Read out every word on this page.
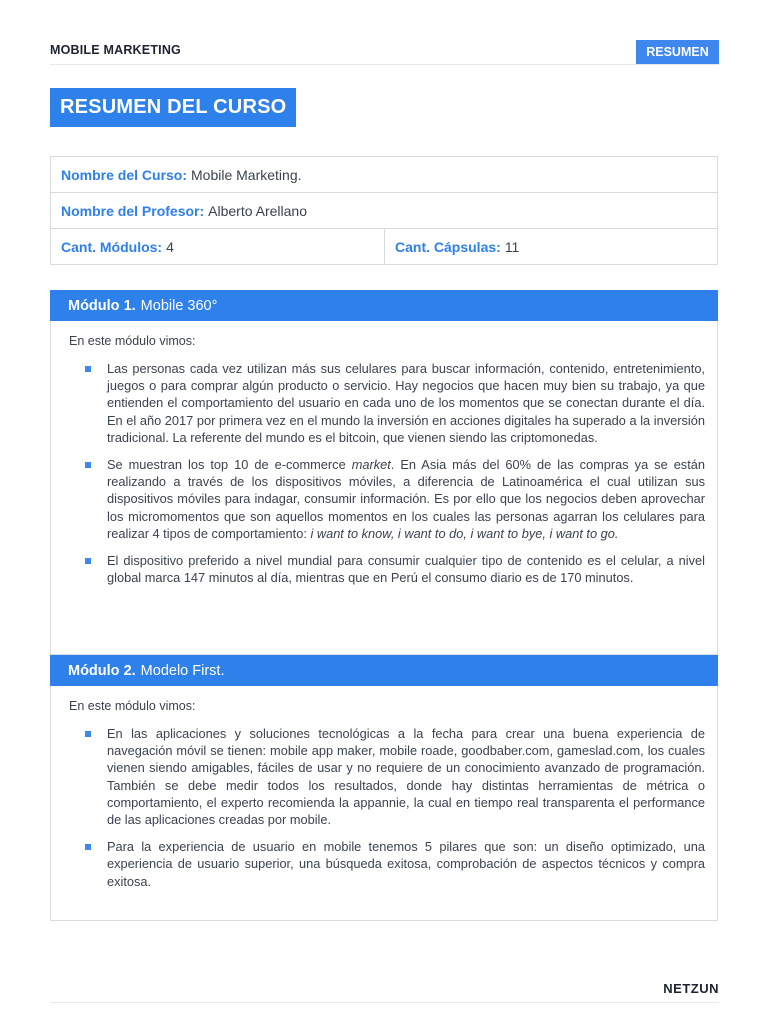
MOBILE MARKETING	RESUMEN
RESUMEN DEL CURSO
Nombre del Curso: Mobile Marketing.
Nombre del Profesor: Alberto Arellano
Cant. Módulos: 4	Cant. Cápsulas: 11
Módulo 1. Mobile 360°
En este módulo vimos:
Las personas cada vez utilizan más sus celulares para buscar información, contenido, entretenimiento, juegos o para comprar algún producto o servicio. Hay negocios que hacen muy bien su trabajo, ya que entienden el comportamiento del usuario en cada uno de los momentos que se conectan durante el día. En el año 2017 por primera vez en el mundo la inversión en acciones digitales ha superado a la inversión tradicional. La referente del mundo es el bitcoin, que vienen siendo las criptomonedas.
Se muestran los top 10 de e-commerce market. En Asia más del 60% de las compras ya se están realizando a través de los dispositivos móviles, a diferencia de Latinoamérica el cual utilizan sus dispositivos móviles para indagar, consumir información. Es por ello que los negocios deben aprovechar los micromomentos que son aquellos momentos en los cuales las personas agarran los celulares para realizar 4 tipos de comportamiento: i want to know, i want to do, i want to bye, i want to go.
El dispositivo preferido a nivel mundial para consumir cualquier tipo de contenido es el celular, a nivel global marca 147 minutos al día, mientras que en Perú el consumo diario es de 170 minutos.
Módulo 2. Modelo First.
En este módulo vimos:
En las aplicaciones y soluciones tecnológicas a la fecha para crear una buena experiencia de navegación móvil se tienen: mobile app maker, mobile roade, goodbaber.com, gameslad.com, los cuales vienen siendo amigables, fáciles de usar y no requiere de un conocimiento avanzado de programación. También se debe medir todos los resultados, donde hay distintas herramientas de métrica o comportamiento, el experto recomienda la appannie, la cual en tiempo real transparenta el performance de las aplicaciones creadas por mobile.
Para la experiencia de usuario en mobile tenemos 5 pilares que son: un diseño optimizado, una experiencia de usuario superior, una búsqueda exitosa, comprobación de aspectos técnicos y compra exitosa.
NETZUN
